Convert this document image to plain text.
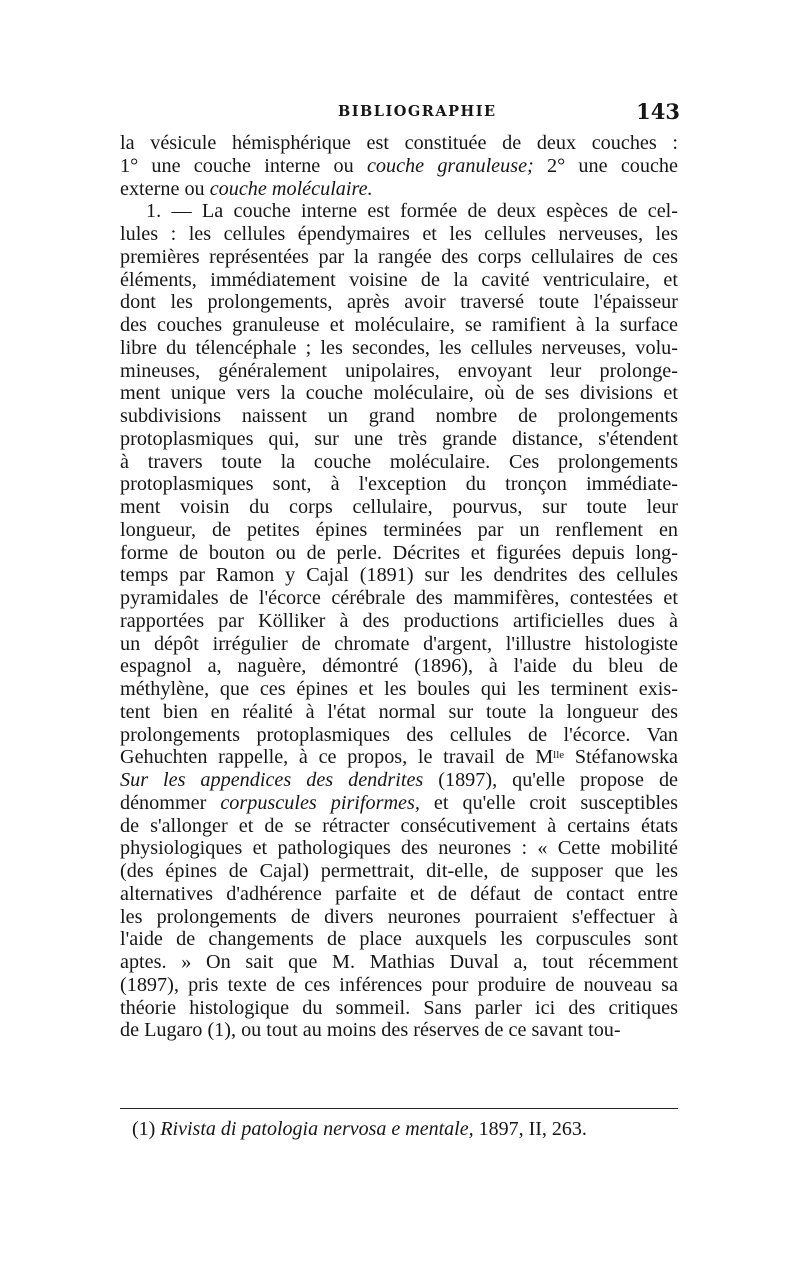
BIBLIOGRAPHIE	143
la vésicule hémisphérique est constituée de deux couches :
1° une couche interne ou couche granuleuse; 2° une couche
externe ou couche moléculaire.
1. — La couche interne est formée de deux espèces de cel-
lules : les cellules épendymaires et les cellules nerveuses, les
premières représentées par la rangée des corps cellulaires de ces
éléments, immédiatement voisine de la cavité ventriculaire, et
dont les prolongements, après avoir traversé toute l'épaisseur
des couches granuleuse et moléculaire, se ramifient à la surface
libre du télencéphale ; les secondes, les cellules nerveuses, volu-
mineuses, généralement unipolaires, envoyant leur prolonge-
ment unique vers la couche moléculaire, où de ses divisions et
subdivisions naissent un grand nombre de prolongements
protoplasmiques qui, sur une très grande distance, s'étendent
à travers toute la couche moléculaire. Ces prolongements
protoplasmiques sont, à l'exception du tronçon immédiate-
ment voisin du corps cellulaire, pourvus, sur toute leur
longueur, de petites épines terminées par un renflement en
forme de bouton ou de perle. Décrites et figurées depuis long-
temps par Ramon y Cajal (1891) sur les dendrites des cellules
pyramidales de l'écorce cérébrale des mammifères, contestées et
rapportées par Kölliker à des productions artificielles dues à
un dépôt irrégulier de chromate d'argent, l'illustre histologiste
espagnol a, naguère, démontré (1896), à l'aide du bleu de
méthylène, que ces épines et les boules qui les terminent exis-
tent bien en réalité à l'état normal sur toute la longueur des
prolongements protoplasmiques des cellules de l'écorce. Van
Gehuchten rappelle, à ce propos, le travail de $M^{lle}$ Stéfanowska
Sur les appendices des dendrites (1897), qu'elle propose de
dénommer corpuscules piriformes, et qu'elle croit susceptibles
de s'allonger et de se rétracter consécutivement à certains états
physiologiques et pathologiques des neurones : « Cette mobilité
(des épines de Cajal) permettrait, dit-elle, de supposer que les
alternatives d'adhérence parfaite et de défaut de contact entre
les prolongements de divers neurones pourraient s'effectuer à
l'aide de changements de place auxquels les corpuscules sont
aptes. » On sait que M. Mathias Duval a, tout récemment
(1897), pris texte de ces inférences pour produire de nouveau sa
théorie histologique du sommeil. Sans parler ici des critiques
de Lugaro (1), ou tout au moins des réserves de ce savant tou-
(1) Rivista di patologia nervosa e mentale, 1897, II, 263.
